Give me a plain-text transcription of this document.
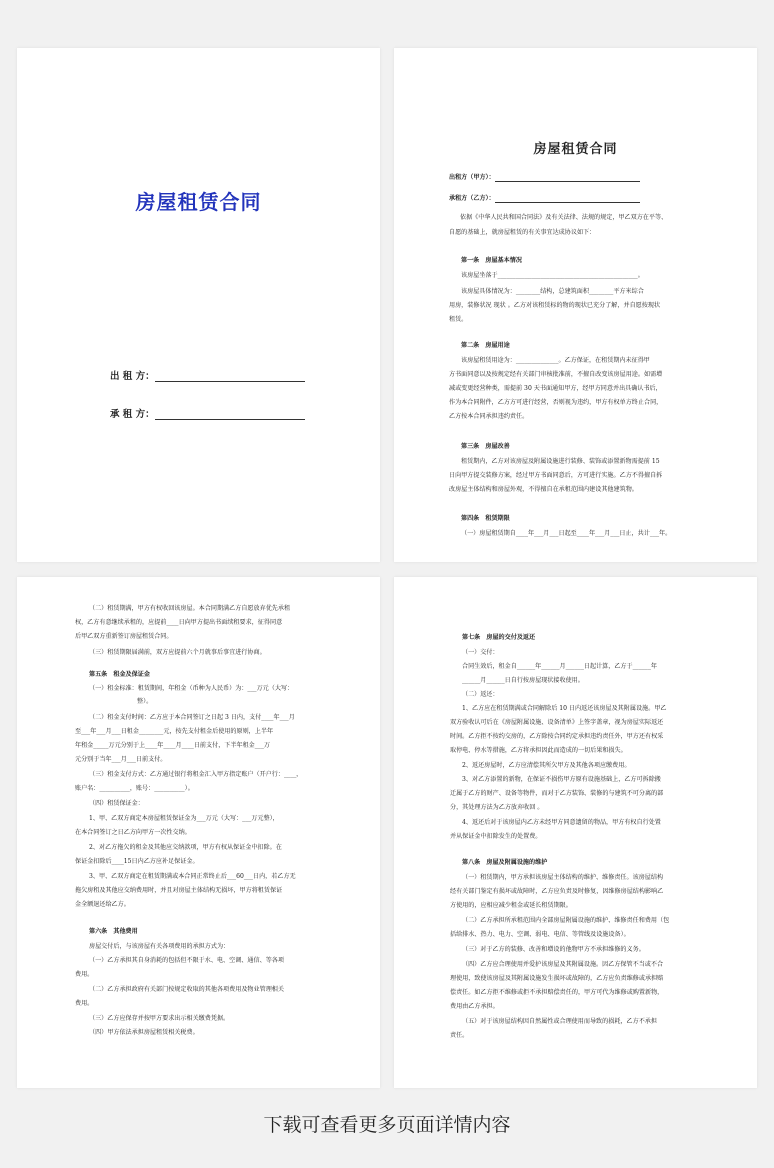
房屋租赁合同
出 租 方：
承 租 方：
房屋租赁合同
出租方（甲方）：
承租方（乙方）：
依据《中华人民共和国合同法》及有关法律、法规的规定，甲乙双方在平等、
自愿的基础上，就房屋租赁的有关事宜达成协议如下：
第一条　房屋基本情况
该房屋坐落于______________________________________________。
该房屋具体情况为：________结构，总建筑面积________平方米综合
用房，装修状况 现状 。乙方对该租赁标的物的现状已充分了解，并自愿按现状
租赁。
第二条　房屋用途
该房屋租赁用途为：______________。乙方保证，在租赁期内未征得甲
方书面同意以及按规定经有关部门审核批准前，不擅自改变该房屋用途。如需增
减或变更经营种类，需提前 30 天书面通知甲方，经甲方同意并出具确认书后，
作为本合同附件，乙方方可进行经营，否则视为违约，甲方有权单方终止合同，
乙方按本合同承担违约责任。
第三条　房屋改善
租赁期内，乙方对该房屋及附属设施进行装修、装饰或添置新物需提前 15
日向甲方提交装修方案，经过甲方书面同意后，方可进行实施。乙方不得擅自拆
改房屋主体结构和房屋外观，不得擅自在承租范围内建设其他建筑物。
第四条　租赁期限
（一）房屋租赁期自____年___月___日起至____年___月___日止，共计___年。
（二）租赁期满，甲方有权收回该房屋。本合同期满乙方自愿放弃优先承租
权，乙方有意继续承租的，应提前____日向甲方提出书面续租要求，征得同意
后甲乙双方重新签订房屋租赁合同。
（三）租赁期限届满前，双方应提前六个月就事后事宜进行协商。
第五条　租金及保证金
（一）租金标准：租赁期间，年租金（币种为人民币）为：___万元（大写：
整）。
（二）租金支付时间：乙方应于本合同签订之日起 3 日内，支付____年___月
至___年___月___日租金________元，按先支付租金后使用的原则，上半年
年租金_____万元分别于上____年____月____日前支付，下半年租金___万
元分别于当年___月___日前支付。
（三）租金支付方式：乙方通过银行将租金汇入甲方指定账户（开户行：____，
账户名：__________，账号：__________）。
（四）租赁保证金：
1、甲、乙双方商定本房屋租赁保证金为___万元（大写：___万元整），
在本合同签订之日乙方向甲方一次性交纳。
2、对乙方拖欠的租金及其他应交纳款项，甲方有权从保证金中扣除。在
保证金扣除后____15日内乙方应补足保证金。
3、甲、乙双方商定在租赁期满或本合同正常终止后___60___日内，若乙方无
拖欠房租及其他应交纳费用时，并且对房屋主体结构无损坏，甲方将租赁保证
金全额退还给乙方。
第六条　其他费用
房屋交付后，与该房屋有关各项费用的承担方式为：
（一）乙方承担其自身消耗的包括但不限于水、电、空调、通信、等各项
费用。
（二）乙方承担政府有关部门按规定收取的其他各项费用及物业管理相关
费用。
（三）乙方应保存并按甲方要求出示相关缴费凭据。
（四）甲方依法承担房屋租赁相关税费。
第七条　房屋的交付及返还
（一）交付：
合同生效后，租金自______年______月______日起计算，乙方于______年
______月______日自行按房屋现状接收使用。
（二）返还：
1、乙方应在租赁期满或合同解除后 10 日内返还该房屋及其附属设施。甲乙
双方验收认可后在《房屋附属设施、设备清单》上签字盖章，视为房屋实际返还
时间。乙方拒不按约交房的，乙方除按合同约定承担违约责任外，甲方还有权采
取停电、停水等措施，乙方将承担因此而造成的一切后果和损失。
2、返还房屋时，乙方应清偿其所欠甲方及其他各项应缴费用。
3、对乙方添置的新物，在保证不损伤甲方原有设施基础上，乙方可拆除搬
迁属于乙方的财产、设备等物件，而对于乙方装饰、装修的与建筑不可分离的部
分，其处理方法为乙方放弃收回 。
4、返还后对于该房屋内乙方未经甲方同意遗留的物品，甲方有权自行处置
并从保证金中扣除发生的处置费。
第八条　房屋及附属设施的维护
（一）租赁期内，甲方承担该房屋主体结构的维护、维修责任。该房屋结构
经有关部门鉴定有损坏或故障时，乙方应负责及时修复，因维修房屋结构影响乙
方使用的，应相应减少租金或延长租赁期限。
（二）乙方承担所承租范围内全部房屋附属设施的维护、维修责任和费用（包
括给排水、热力、电力、空调、弱电、电信、等管线及设施设备）。
（三）对于乙方的装修、改善和增设的他物甲方不承担维修的义务。
（四）乙方应合理使用并爱护该房屋及其附属设施。因乙方保管不当或不合
理使用，致使该房屋及其附属设施发生损坏或故障的，乙方应负责维修或承担赔
偿责任。如乙方拒不维修或拒不承担赔偿责任的，甲方可代为维修或购置新物，
费用由乙方承担。
（五）对于该房屋结构因自然属性或合理使用而导致的损耗，乙方不承担
责任。
下载可查看更多页面详情内容
